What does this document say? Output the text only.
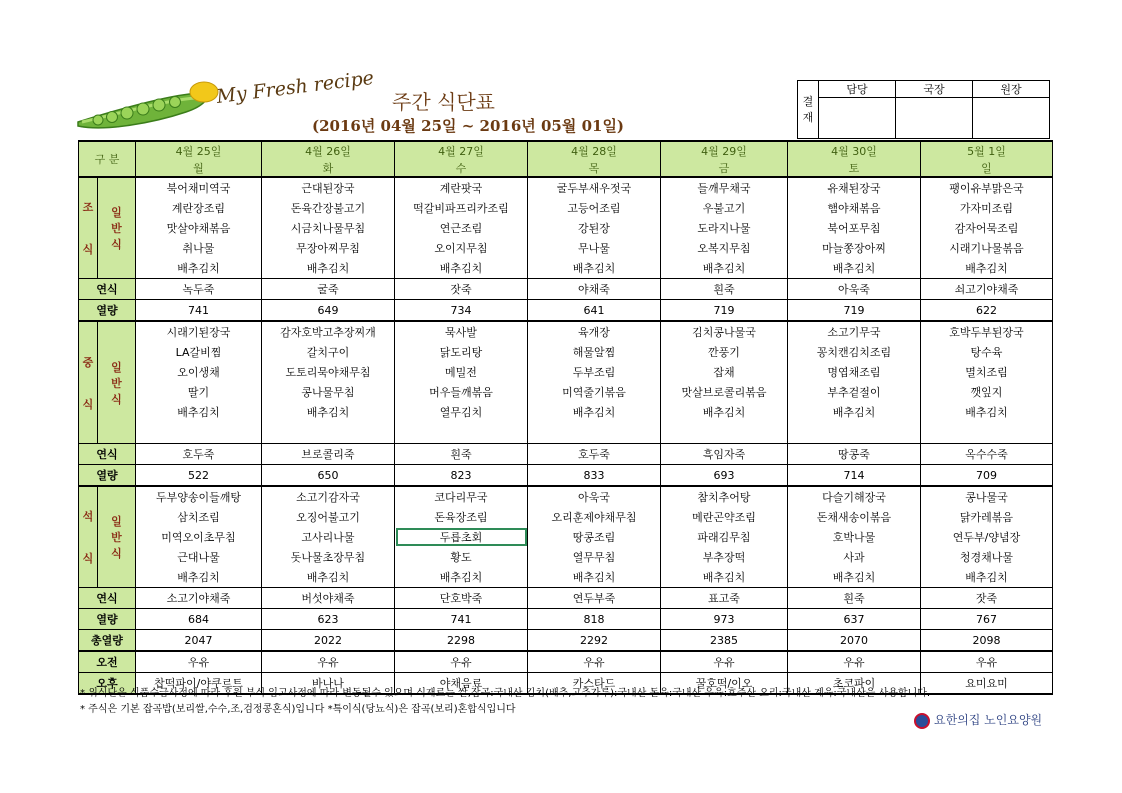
My Fresh recipe 주간 식단표
(2016년 04월 25일 ~ 2016년 05월 01일)
결
재	담당	국장	원장

구 분		4월 25일	4월 26일	4월 27일	4월 28일	4월 29일	4월 30일	5월 1일
		월	화	수	목	금	토	일
조

식	일
반
식	북어채미역국	근대된장국	계란팟국	굴두부새우젓국	들깨무채국	유채된장국	팽이유부맑은국
		계란장조림	돈육간장불고기	떡갈비파프리카조림	고등어조림	우불고기	햄야채볶음	가자미조림
		맛살야채볶음	시금치나물무침	연근조림	강된장	도라지나물	북어포무침	감자어묵조림
		취나물	무장아찌무침	오이지무침	무나물	오복지무침	마늘쫑장아찌	시래기나물볶음
		배추김치	배추김치	배추김치	배추김치	배추김치	배추김치	배추김치
연식		녹두죽	굴죽	잣죽	야채죽	흰죽	아욱죽	쇠고기야채죽
열량		741	649	734	641	719	719	622
중

식	일
반
식	시래기된장국	감자호박고추장찌개	묵사발	육개장	김치콩나물국	소고기무국	호박두부된장국
		LA갈비찜	갈치구이	닭도리탕	해물알찜	깐풍기	꽁치캔김치조림	탕수육
		오이생채	도토리묵야채무침	메밀전	두부조림	잡채	명엽채조림	멸치조림
		딸기	콩나물무침	머우들깨볶음	미역줄기볶음	맛살브로콜리볶음	부추겉절이	깻잎지
		배추김치	배추김치	열무김치	배추김치	배추김치	배추김치	배추김치

연식		호두죽	브로콜리죽	흰죽	호두죽	흑임자죽	땅콩죽	옥수수죽
열량		522	650	823	833	693	714	709
석

식	일
반
식	두부양송이들깨탕	소고기감자국	코다리무국	아욱국	참치추어탕	다슬기해장국	콩나물국
		삼치조림	오징어불고기	돈육장조림	오리훈제야채무침	메란곤약조림	돈채새송이볶음	닭카레볶음
		미역오이초무침	고사리나물	두릅초회	땅콩조림	파래김무침	호박나물	연두부/양념장
		근대나물	돗나물초장무침	황도	열무무침	부추장떡	사과	청경채나물
		배추김치	배추김치	배추김치	배추김치	배추김치	배추김치	배추김치
연식		소고기야채죽	버섯야채죽	단호박죽	연두부죽	표고죽	흰죽	잣죽
열량		684	623	741	818	973	637	767
총열량		2047	2022	2298	2292	2385	2070	2098
오전		우유	우유	우유	우유	우유	우유	우유
오후		찹떡파이/야쿠르트	바나나	야채음료	카스타드	꿀호떡/이오	초코파이	요미요미
* 위식단은 식품수급사정에 따라 후원 부식 입고사정에 따라 변동될수 있으며 식재료는 쌀,잡곡:국내산 김치(배추,고추가루):국내산 돈육:국내산 우육:호주산 오리:국내산 계육:국내산을 사용합니다.
* 주식은 기본 잡곡밥(보리쌀,수수,조,검정콩혼식)입니다 *특이식(당뇨식)은 잡곡(보리)혼합식입니다
요한의집 노인요양원
